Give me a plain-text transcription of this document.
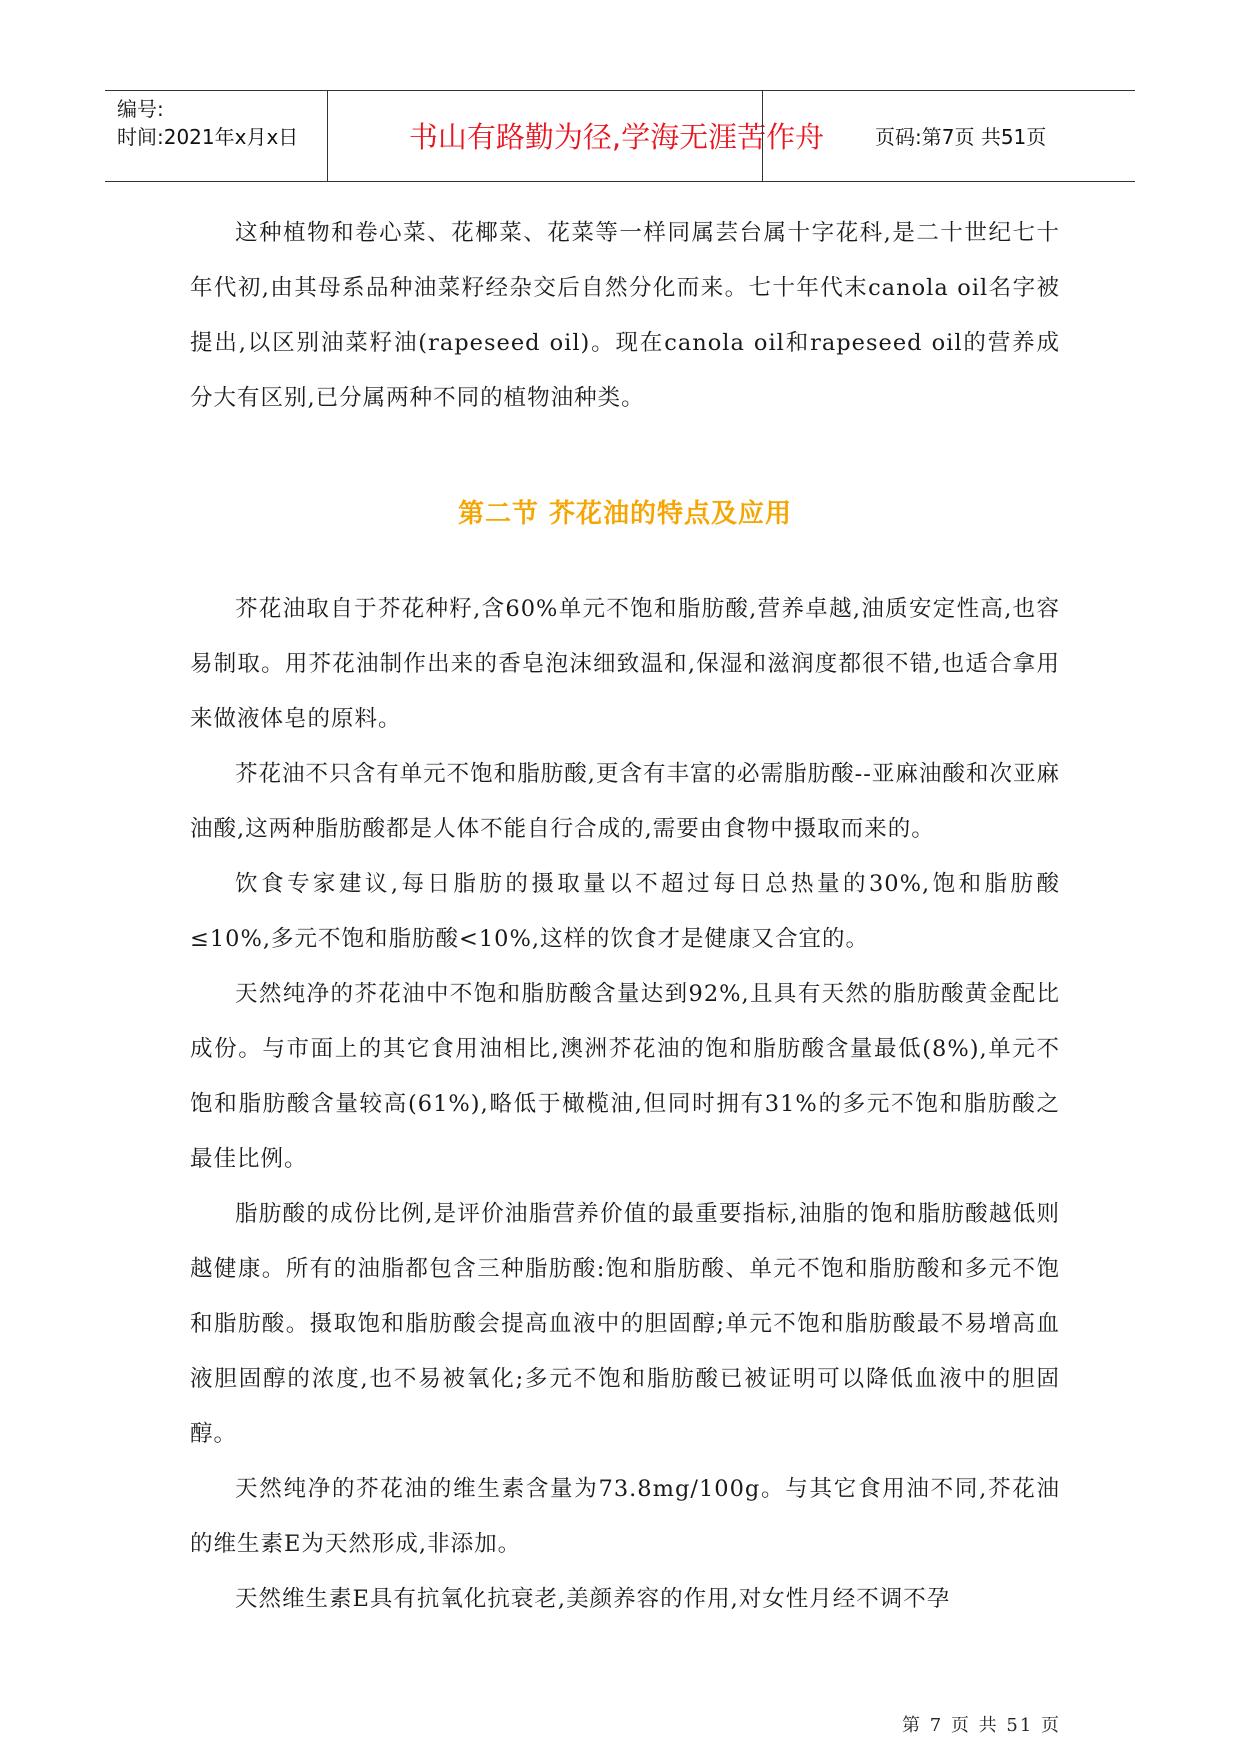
编号:
时间:2021年x月x日	书山有路勤为径,学海无涯苦作舟	页码:第7页 共51页

这种植物和卷心菜、花椰菜、花菜等一样同属芸台属十字花科,是二十世纪七十年代初,由其母系品种油菜籽经杂交后自然分化而来。七十年代末canola oil名字被提出,以区别油菜籽油(rapeseed oil)。现在canola oil和rapeseed oil的营养成分大有区别,已分属两种不同的植物油种类。

第二节 芥花油的特点及应用

芥花油取自于芥花种籽,含60%单元不饱和脂肪酸,营养卓越,油质安定性高,也容易制取。用芥花油制作出来的香皂泡沫细致温和,保湿和滋润度都很不错,也适合拿用来做液体皂的原料。

芥花油不只含有单元不饱和脂肪酸,更含有丰富的必需脂肪酸--亚麻油酸和次亚麻油酸,这两种脂肪酸都是人体不能自行合成的,需要由食物中摄取而来的。

饮食专家建议,每日脂肪的摄取量以不超过每日总热量的30%,饱和脂肪酸≤10%,多元不饱和脂肪酸<10%,这样的饮食才是健康又合宜的。

天然纯净的芥花油中不饱和脂肪酸含量达到92%,且具有天然的脂肪酸黄金配比成份。与市面上的其它食用油相比,澳洲芥花油的饱和脂肪酸含量最低(8%),单元不饱和脂肪酸含量较高(61%),略低于橄榄油,但同时拥有31%的多元不饱和脂肪酸之最佳比例。

脂肪酸的成份比例,是评价油脂营养价值的最重要指标,油脂的饱和脂肪酸越低则越健康。所有的油脂都包含三种脂肪酸:饱和脂肪酸、单元不饱和脂肪酸和多元不饱和脂肪酸。摄取饱和脂肪酸会提高血液中的胆固醇;单元不饱和脂肪酸最不易增高血液胆固醇的浓度,也不易被氧化;多元不饱和脂肪酸已被证明可以降低血液中的胆固醇。

天然纯净的芥花油的维生素含量为73.8mg/100g。与其它食用油不同,芥花油的维生素E为天然形成,非添加。

天然维生素E具有抗氧化抗衰老,美颜养容的作用,对女性月经不调不孕

第 7 页 共 51 页
